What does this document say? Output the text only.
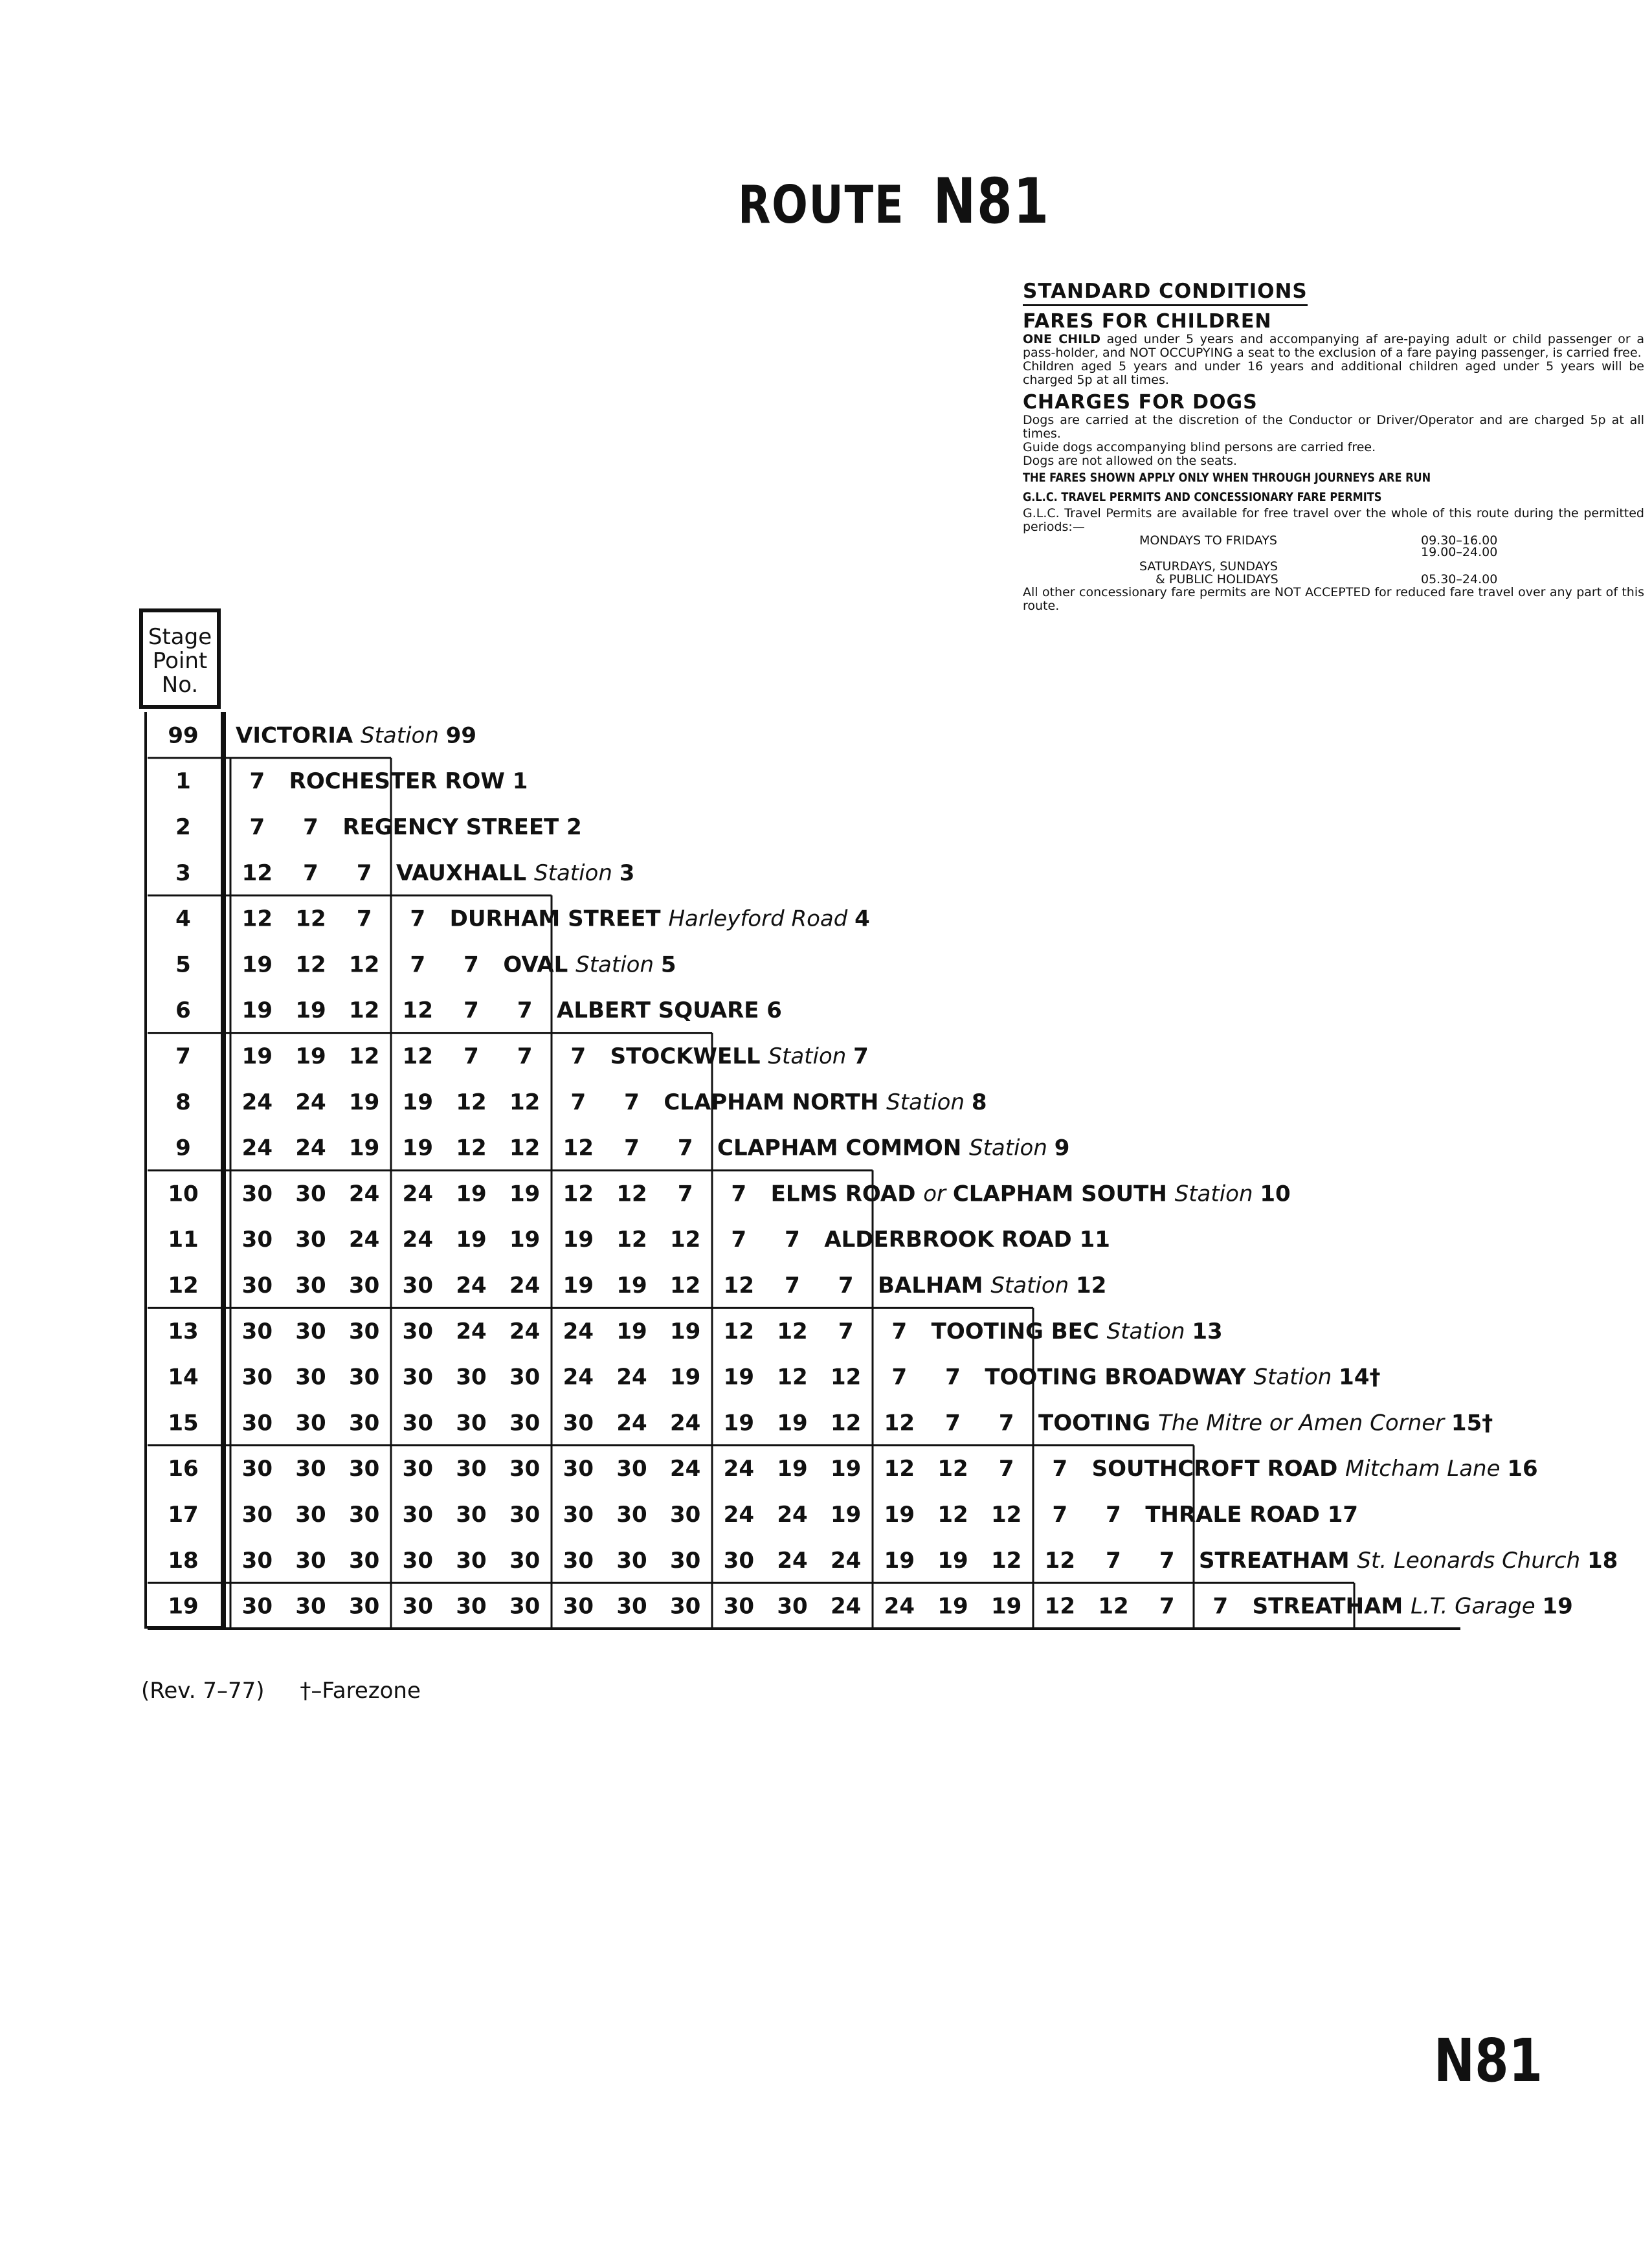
ROUTE N81
STANDARD CONDITIONS
FARES FOR CHILDREN

ONE CHILD aged under 5 years and accompanying af are-paying adult or child passenger or a pass-holder, and NOT OCCUPYING a seat to the exclusion of a fare paying passenger, is carried free.

Children aged 5 years and under 16 years and additional children aged under 5 years will be charged 5p at all times.

CHARGES FOR DOGS

Dogs are carried at the discretion of the Conductor or Driver/Operator and are charged 5p at all times.

Guide dogs accompanying blind persons are carried free.

Dogs are not allowed on the seats.

THE FARES SHOWN APPLY ONLY WHEN THROUGH JOURNEYS ARE RUN
G.L.C. TRAVEL PERMITS AND CONCESSIONARY FARE PERMITS

G.L.C. Travel Permits are available for free travel over the whole of this route during the permitted periods:—

MONDAYS TO FRIDAYS	09.30–16.00
19.00–24.00
SATURDAYS, SUNDAYS
& PUBLIC HOLIDAYS	05.30–24.00

All other concessionary fare permits are NOT ACCEPTED for reduced fare travel over any part of this route.

Stage
Point
No.
99 VICTORIA Station 99
1	7 ROCHESTER ROW 1
2	7 7 REGENCY STREET 2
3 12 7 7 VAUXHALL Station 3
4 12 12 7 7 DURHAM STREET Harleyford Road 4
5 19 12 12 7 7 OVAL Station 5
6 19 19 12 12 7 7 ALBERT SQUARE 6
7 19 19 12 12 7 7 7 STOCKWELL Station 7
8 24 24 19 19 12 12 7 7 CLAPHAM NORTH Station 8
9 24 24 19 19 12 12 12 7 7 CLAPHAM COMMON Station 9
10 30 30 24 24 19 19 12 12 7 7 ELMS ROAD or CLAPHAM SOUTH Station 10
11 30 30 24 24 19 19 19 12 12 7 7 ALDERBROOK ROAD 11
12 30 30 30 30 24 24 19 19 12 12 7 7 BALHAM Station 12
13 30 30 30 30 24 24 24 19 19 12 12 7 7 TOOTING BEC Station 13
14 30 30 30 30 30 30 24 24 19 19 12 12 7 7 TOOTING BROADWAY Station 14†
15 30 30 30 30 30 30 30 24 24 19 19 12 12 7 7 TOOTING The Mitre or Amen Corner 15†
16 30 30 30 30 30 30 30 30 24 24 19 19 12 12 7 7 SOUTHCROFT ROAD Mitcham Lane 16
17 30 30 30 30 30 30 30 30 30 24 24 19 19 12 12 7 7 THRALE ROAD 17
18 30 30 30 30 30 30 30 30 30 30 24 24 19 19 12 12 7 7 STREATHAM St. Leonards Church 18
19 30 30 30 30 30 30 30 30 30 30 30 24 24 19 19 12 12 7 7 STREATHAM L.T. Garage 19
(Rev. 7–77) †–Farezone
N81
